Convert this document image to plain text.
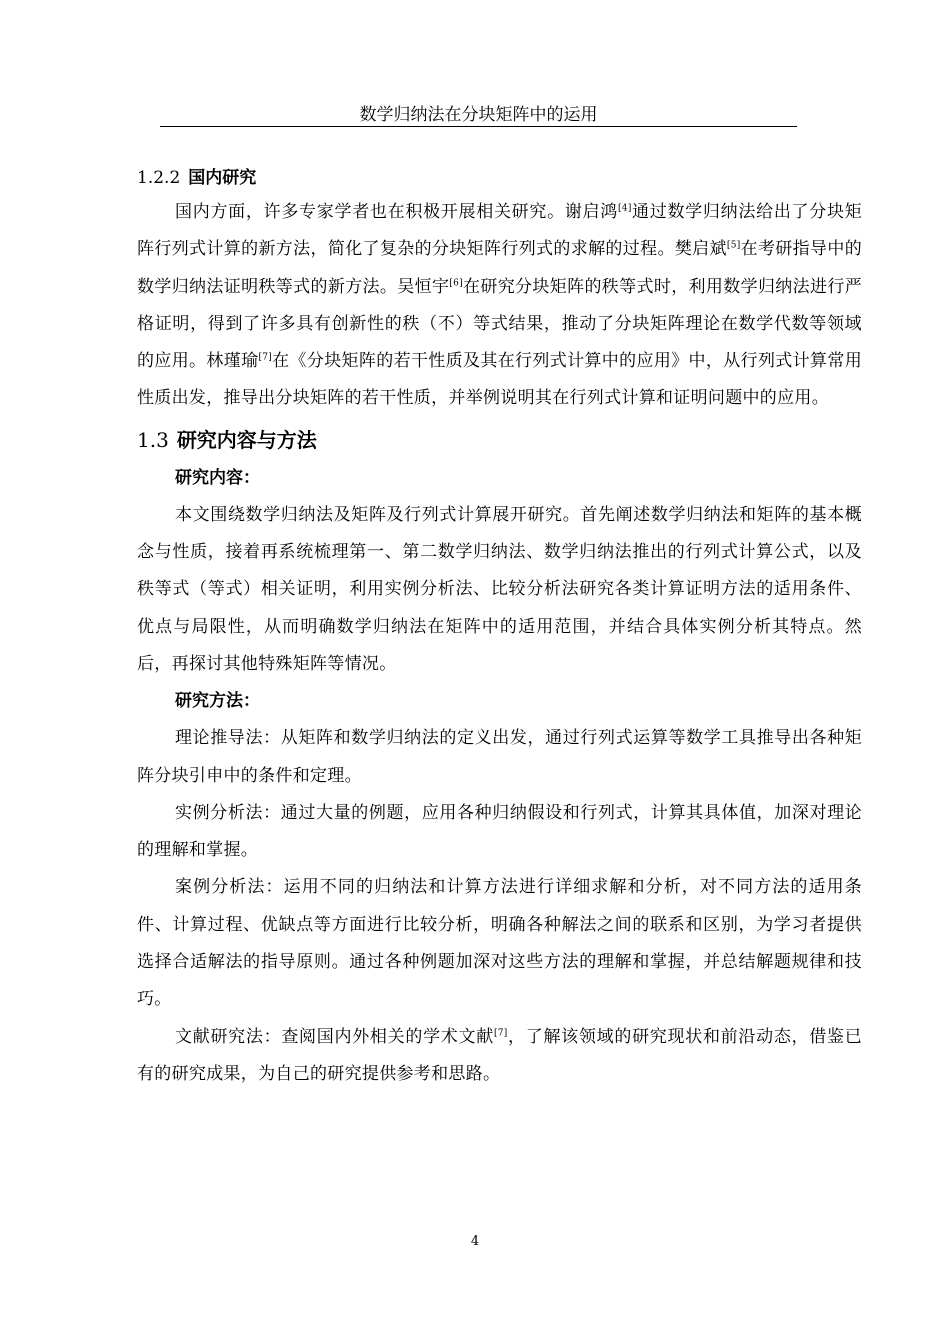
数学归纳法在分块矩阵中的运用
1.2.2 国内研究

国内方面，许多专家学者也在积极开展相关研究。谢启鸿[4]通过数学归纳法给出了分块矩阵行列式计算的新方法，简化了复杂的分块矩阵行列式的求解的过程。樊启斌[5]在考研指导中的数学归纳法证明秩等式的新方法。吴恒宇[6]在研究分块矩阵的秩等式时，利用数学归纳法进行严格证明，得到了许多具有创新性的秩（不）等式结果，推动了分块矩阵理论在数学代数等领域的应用。林瑾瑜[7]在《分块矩阵的若干性质及其在行列式计算中的应用》中，从行列式计算常用性质出发，推导出分块矩阵的若干性质，并举例说明其在行列式计算和证明问题中的应用。

1.3 研究内容与方法

研究内容：

本文围绕数学归纳法及矩阵及行列式计算展开研究。首先阐述数学归纳法和矩阵的基本概念与性质，接着再系统梳理第一、第二数学归纳法、数学归纳法推出的行列式计算公式，以及秩等式（等式）相关证明，利用实例分析法、比较分析法研究各类计算证明方法的适用条件、优点与局限性，从而明确数学归纳法在矩阵中的适用范围，并结合具体实例分析其特点。然后，再探讨其他特殊矩阵等情况。

研究方法：

理论推导法：从矩阵和数学归纳法的定义出发，通过行列式运算等数学工具推导出各种矩阵分块引申中的条件和定理。

实例分析法：通过大量的例题，应用各种归纳假设和行列式，计算其具体值，加深对理论的理解和掌握。

案例分析法：运用不同的归纳法和计算方法进行详细求解和分析，对不同方法的适用条件、计算过程、优缺点等方面进行比较分析，明确各种解法之间的联系和区别，为学习者提供选择合适解法的指导原则。通过各种例题加深对这些方法的理解和掌握，并总结解题规律和技巧。

文献研究法：查阅国内外相关的学术文献[7]，了解该领域的研究现状和前沿动态，借鉴已有的研究成果，为自己的研究提供参考和思路。

4
